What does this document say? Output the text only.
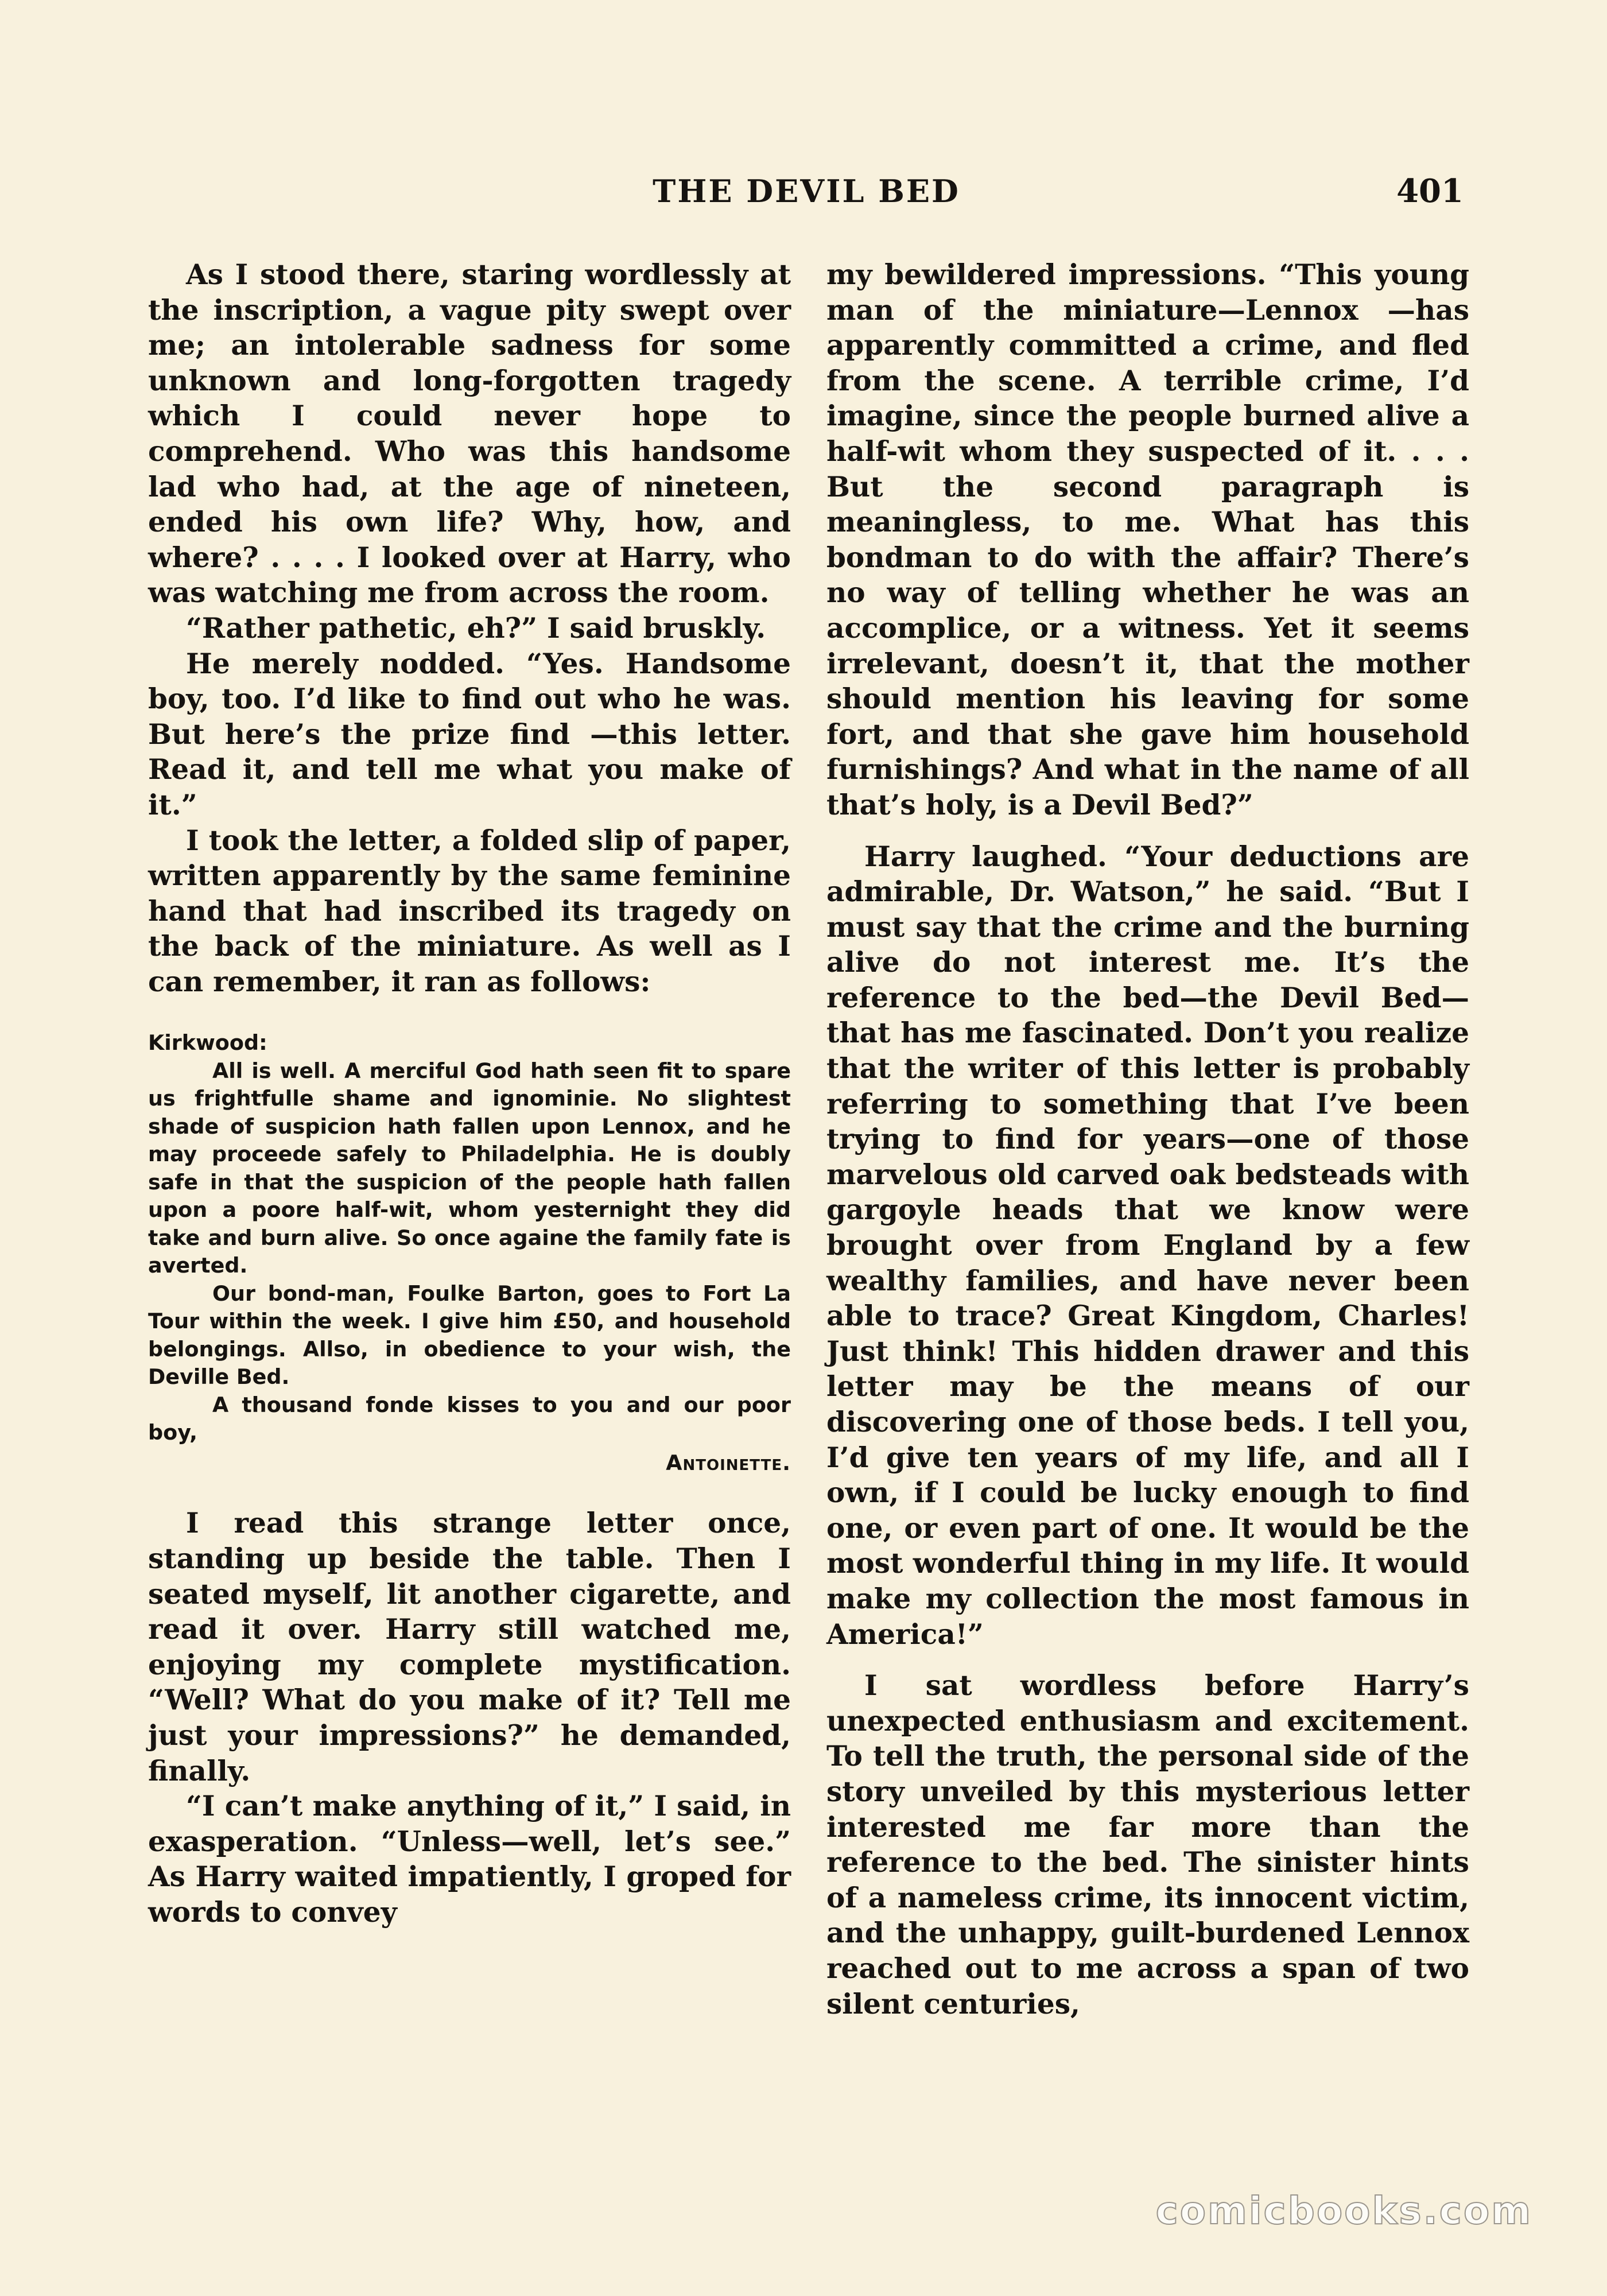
THE DEVIL BED	401

As I stood there, staring wordlessly at the inscription, a vague pity swept over me; an intolerable sadness for some unknown and long-forgotten tragedy which I could never hope to comprehend. Who was this handsome lad who had, at the age of nineteen, ended his own life? Why, how, and where? . . . . I looked over at Harry, who was watching me from across the room.

“Rather pathetic, eh?” I said bruskly.

He merely nodded. “Yes. Handsome boy, too. I’d like to find out who he was. But here’s the prize find —this letter. Read it, and tell me what you make of it.”

I took the letter, a folded slip of paper, written apparently by the same feminine hand that had inscribed its tragedy on the back of the miniature. As well as I can remember, it ran as follows:

Kirkwood:

All is well. A merciful God hath seen fit to spare us frightfulle shame and ignominie. No slightest shade of suspicion hath fallen upon Lennox, and he may proceede safely to Philadelphia. He is doubly safe in that the suspicion of the people hath fallen upon a poore half-wit, whom yesternight they did take and burn alive. So once againe the family fate is averted.

Our bond-man, Foulke Barton, goes to Fort La Tour within the week. I give him £50, and household belongings. Allso, in obedience to your wish, the Deville Bed.

A thousand fonde kisses to you and our poor boy,

Antoinette.

I read this strange letter once, standing up beside the table. Then I seated myself, lit another cigarette, and read it over. Harry still watched me, enjoying my complete mystification. “Well? What do you make of it? Tell me just your impressions?” he demanded, finally.

“I can’t make anything of it,” I said, in exasperation. “Unless—well, let’s see.” As Harry waited impatiently, I groped for words to convey

my bewildered impressions. “This young man of the miniature—Lennox —has apparently committed a crime, and fled from the scene. A terrible crime, I’d imagine, since the people burned alive a half-wit whom they suspected of it. . . . But the second paragraph is meaningless, to me. What has this bondman to do with the affair? There’s no way of telling whether he was an accomplice, or a witness. Yet it seems irrelevant, doesn’t it, that the mother should mention his leaving for some fort, and that she gave him household furnishings? And what in the name of all that’s holy, is a Devil Bed?”

Harry laughed. “Your deductions are admirable, Dr. Watson,” he said. “But I must say that the crime and the burning alive do not interest me. It’s the reference to the bed—the Devil Bed—that has me fascinated. Don’t you realize that the writer of this letter is probably referring to something that I’ve been trying to find for years—one of those marvelous old carved oak bedsteads with gargoyle heads that we know were brought over from England by a few wealthy families, and have never been able to trace? Great Kingdom, Charles! Just think! This hidden drawer and this letter may be the means of our discovering one of those beds. I tell you, I’d give ten years of my life, and all I own, if I could be lucky enough to find one, or even part of one. It would be the most wonderful thing in my life. It would make my collection the most famous in America!”

I sat wordless before Harry’s unexpected enthusiasm and excitement. To tell the truth, the personal side of the story unveiled by this mysterious letter interested me far more than the reference to the bed. The sinister hints of a nameless crime, its innocent victim, and the unhappy, guilt-burdened Lennox reached out to me across a span of two silent centuries,

comicbooks.com
